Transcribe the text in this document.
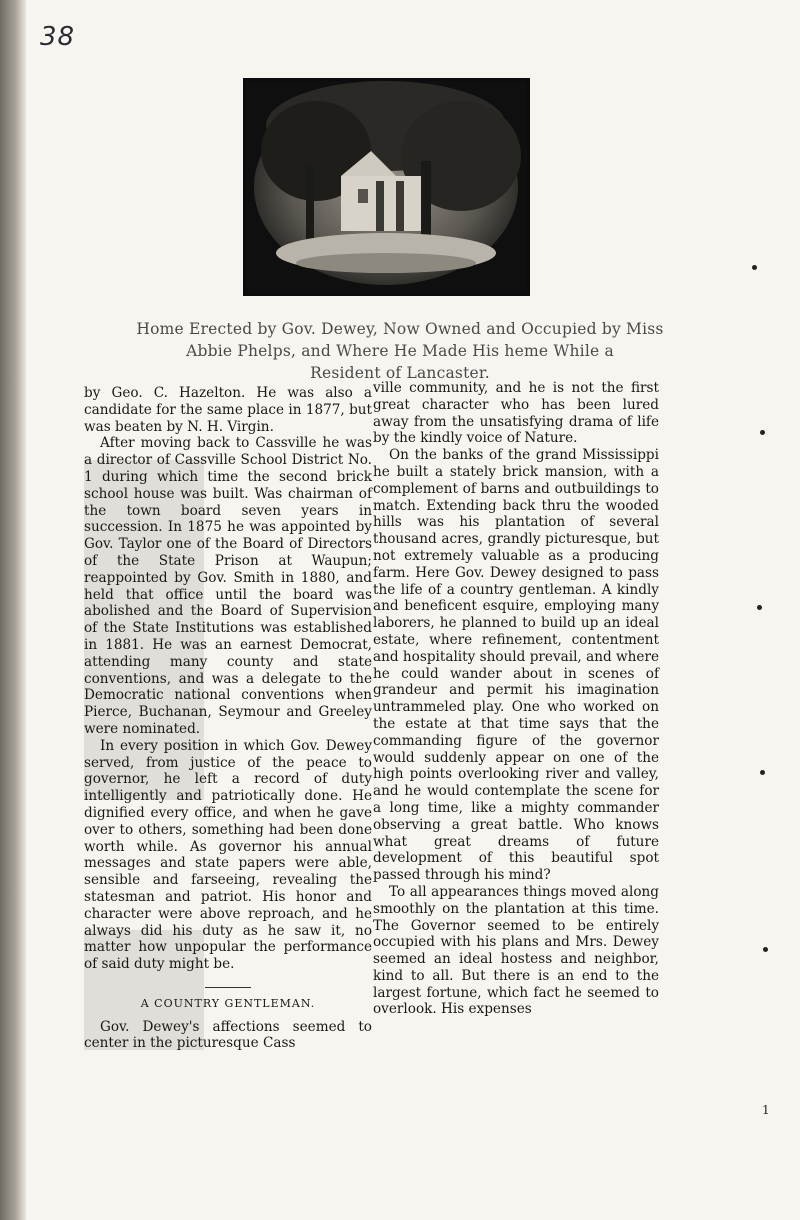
38
Home Erected by Gov. Dewey, Now Owned and Occupied by Miss
Abbie Phelps, and Where He Made His heme While a
Resident of Lancaster.

by Geo. C. Hazelton. He was also a candidate for the same place in 1877, but was beaten by N. H. Virgin.

After moving back to Cassville he was a director of Cassville School District No. 1 during which time the second brick school house was built. Was chairman of the town board seven years in succession. In 1875 he was appointed by Gov. Taylor one of the Board of Directors of the State Prison at Waupun; reappointed by Gov. Smith in 1880, and held that office until the board was abolished and the Board of Supervision of the State Institutions was established in 1881. He was an earnest Democrat, attending many county and state conventions, and was a delegate to the Democratic national conventions when Pierce, Buchanan, Seymour and Greeley were nominated.

In every position in which Gov. Dewey served, from justice of the peace to governor, he left a record of duty intelligently and patriotically done. He dignified every office, and when he gave over to others, something had been done worth while. As governor his annual messages and state papers were able, sensible and farseeing, revealing the statesman and patriot. His honor and character were above reproach, and he always did his duty as he saw it, no matter how unpopular the performance of said duty might be.

A COUNTRY GENTLEMAN.

Gov. Dewey's affections seemed to center in the picturesque Cass

ville community, and he is not the first great character who has been lured away from the unsatisfying drama of life by the kindly voice of Nature.

On the banks of the grand Mississippi he built a stately brick mansion, with a complement of barns and outbuildings to match. Extending back thru the wooded hills was his plantation of several thousand acres, grandly picturesque, but not extremely valuable as a producing farm. Here Gov. Dewey designed to pass the life of a country gentleman. A kindly and beneficent esquire, employing many laborers, he planned to build up an ideal estate, where refinement, contentment and hospitality should prevail, and where he could wander about in scenes of grandeur and permit his imagination untrammeled play. One who worked on the estate at that time says that the commanding figure of the governor would suddenly appear on one of the high points overlooking river and valley, and he would contemplate the scene for a long time, like a mighty commander observing a great battle. Who knows what great dreams of future development of this beautiful spot passed through his mind?

To all appearances things moved along smoothly on the plantation at this time. The Governor seemed to be entirely occupied with his plans and Mrs. Dewey seemed an ideal hostess and neighbor, kind to all. But there is an end to the largest fortune, which fact he seemed to overlook. His expenses

1
